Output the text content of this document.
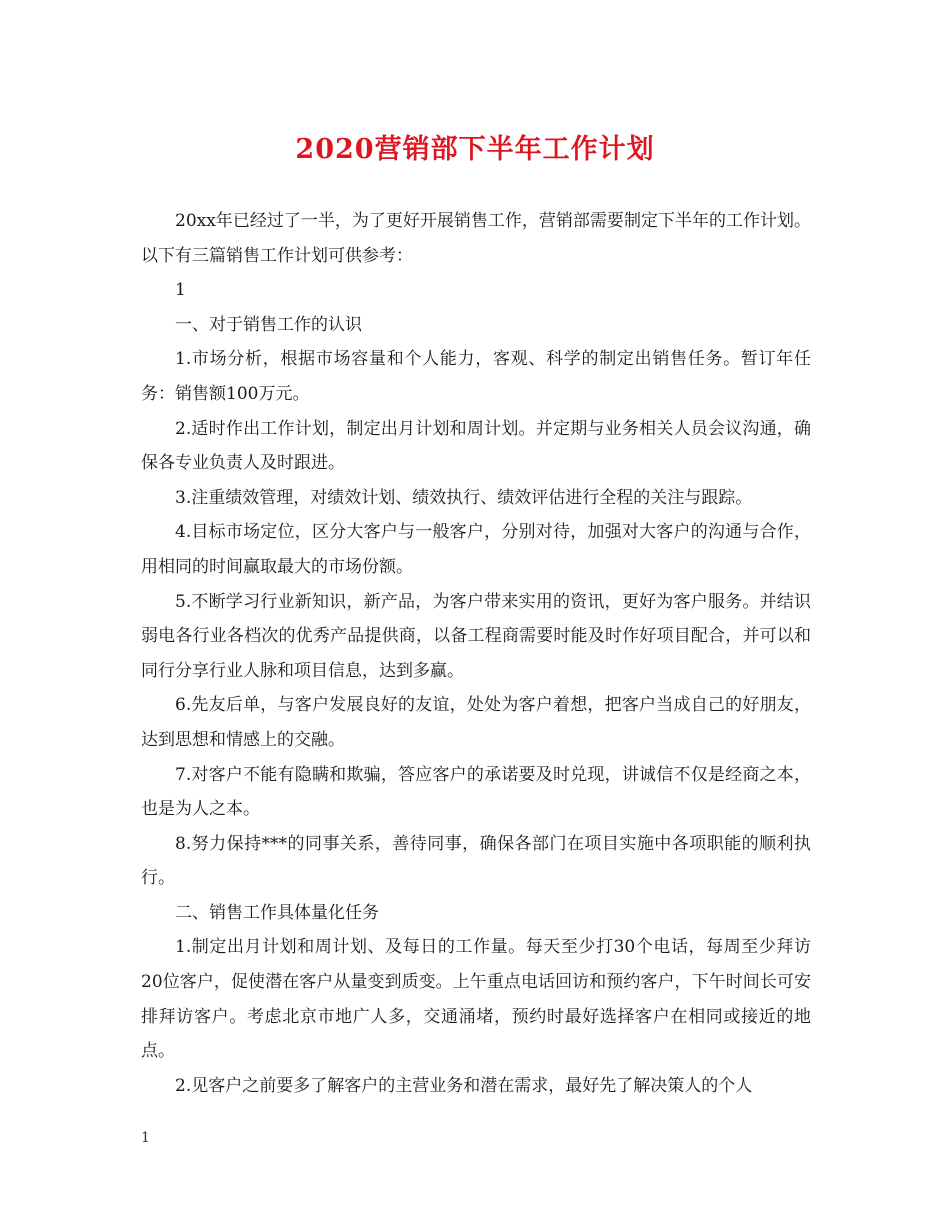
2020营销部下半年工作计划

20xx年已经过了一半，为了更好开展销售工作，营销部需要制定下半年的工作计划。以下有三篇销售工作计划可供参考：

1

一、对于销售工作的认识

1.市场分析，根据市场容量和个人能力，客观、科学的制定出销售任务。暂订年任务：销售额100万元。

2.适时作出工作计划，制定出月计划和周计划。并定期与业务相关人员会议沟通，确保各专业负责人及时跟进。

3.注重绩效管理，对绩效计划、绩效执行、绩效评估进行全程的关注与跟踪。

4.目标市场定位，区分大客户与一般客户，分别对待，加强对大客户的沟通与合作，用相同的时间赢取最大的市场份额。

5.不断学习行业新知识，新产品，为客户带来实用的资讯，更好为客户服务。并结识弱电各行业各档次的优秀产品提供商，以备工程商需要时能及时作好项目配合，并可以和同行分享行业人脉和项目信息，达到多赢。

6.先友后单，与客户发展良好的友谊，处处为客户着想，把客户当成自己的好朋友，达到思想和情感上的交融。

7.对客户不能有隐瞒和欺骗，答应客户的承诺要及时兑现，讲诚信不仅是经商之本，也是为人之本。

8.努力保持***的同事关系，善待同事，确保各部门在项目实施中各项职能的顺利执行。

二、销售工作具体量化任务

1.制定出月计划和周计划、及每日的工作量。每天至少打30个电话，每周至少拜访20位客户，促使潜在客户从量变到质变。上午重点电话回访和预约客户，下午时间长可安排拜访客户。考虑北京市地广人多，交通涌堵，预约时最好选择客户在相同或接近的地点。

2.见客户之前要多了解客户的主营业务和潜在需求，最好先了解决策人的个人

1
